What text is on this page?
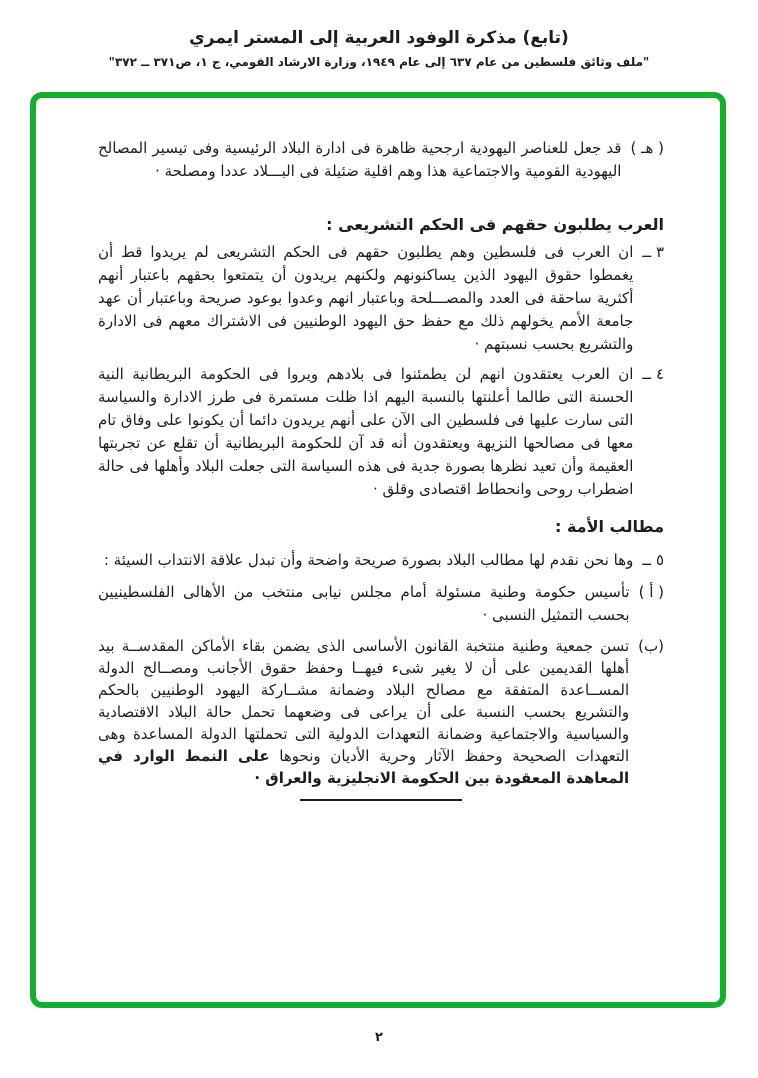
(تابع) مذكرة الوفود العربية إلى المستر ايمري
"ملف وثائق فلسطين من عام ٦٣٧ إلى عام ١٩٤٩، وزارة الارشاد القومي، ج ١، ص٣٧١ ــ ٣٧٢"
( هـ )
قد جعل للعناصر اليهودية ارجحية ظاهرة فى ادارة البلاد الرئيسية وفى تيسير المصالح اليهودية القومية والاجتماعية هذا وهم اقلية ضئيلة فى البـــلاد عددا ومصلحة ·
العرب يطلبون حقهم فى الحكم التشريعى :
٣ ــ
ان العرب فى فلسطين وهم يطلبون حقهم فى الحكم التشريعى لم يريدوا قط أن يغمطوا حقوق اليهود الذين يساكنونهم ولكنهم يريدون أن يتمتعوا بحقهم باعتبار أنهم أكثرية ساحقة فى العدد والمصـــلحة وباعتبار انهم وعدوا بوعود صريحة وباعتبار أن عهد جامعة الأمم يخولهم ذلك مع حفظ حق اليهود الوطنيين فى الاشتراك معهم فى الادارة والتشريع بحسب نسبتهم ·
٤ ــ
ان العرب يعتقدون انهم لن يطمئنوا فى بلادهم ويروا فى الحكومة البريطانية النية الحسنة التى طالما أعلنتها بالنسبة اليهم اذا ظلت مستمرة فى طرز الادارة والسياسة التى سارت عليها فى فلسطين الى الآن على أنهم يريدون دائما أن يكونوا على وفاق تام معها فى مصالحها النزيهة ويعتقدون أنه قد آن للحكومة البريطانية أن تقلع عن تجربتها العقيمة وأن تعيد نظرها بصورة جدية فى هذه السياسة التى جعلت البلاد وأهلها فى حالة اضطراب روحى وانحطاط اقتصادى وقلق ·
مطالب الأمة :
٥ ــ
وها نحن نقدم لها مطالب البلاد بصورة صريحة واضحة وأن تبدل علاقة الانتداب السيئة :
( أ )
تأسيس حكومة وطنية مسئولة أمام مجلس نيابى منتخب من الأهالى الفلسطينيين بحسب التمثيل النسبى ·
(ب)
تسن جمعية وطنية منتخبة القانون الأساسى الذى يضمن بقاء الأماكن المقدســة بيد أهلها القديمين على أن لا يغير شىء فيهــا وحفظ حقوق الأجانب ومصــالح الدولة المســاعدة المتفقة مع مصالح البلاد وضمانة مشــاركة اليهود الوطنيين بالحكم والتشريع بحسب النسبة على أن يراعى فى وضعهما تحمل حالة البلاد الاقتصادية والسياسية والاجتماعية وضمانة التعهدات الدولية التى تحملتها الدولة المساعدة وهى التعهدات الصحيحة وحفظ الآثار وحرية الأديان ونحوها على النمط الوارد في المعاهدة المعقودة بين الحكومة الانجليزية والعراق ·
٢
